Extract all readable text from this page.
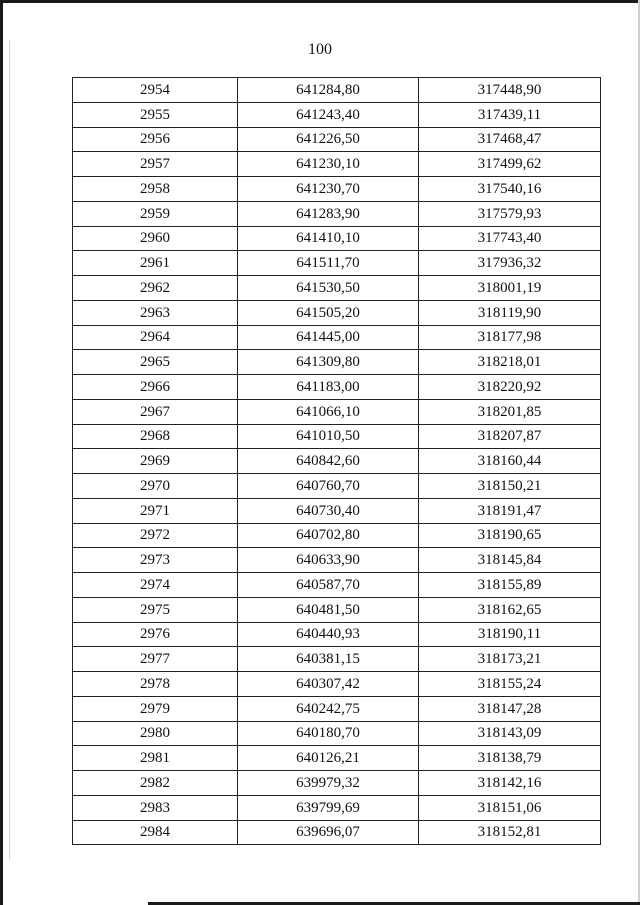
100
2954	641284,80	317448,90
2955	641243,40	317439,11
2956	641226,50	317468,47
2957	641230,10	317499,62
2958	641230,70	317540,16
2959	641283,90	317579,93
2960	641410,10	317743,40
2961	641511,70	317936,32
2962	641530,50	318001,19
2963	641505,20	318119,90
2964	641445,00	318177,98
2965	641309,80	318218,01
2966	641183,00	318220,92
2967	641066,10	318201,85
2968	641010,50	318207,87
2969	640842,60	318160,44
2970	640760,70	318150,21
2971	640730,40	318191,47
2972	640702,80	318190,65
2973	640633,90	318145,84
2974	640587,70	318155,89
2975	640481,50	318162,65
2976	640440,93	318190,11
2977	640381,15	318173,21
2978	640307,42	318155,24
2979	640242,75	318147,28
2980	640180,70	318143,09
2981	640126,21	318138,79
2982	639979,32	318142,16
2983	639799,69	318151,06
2984	639696,07	318152,81
